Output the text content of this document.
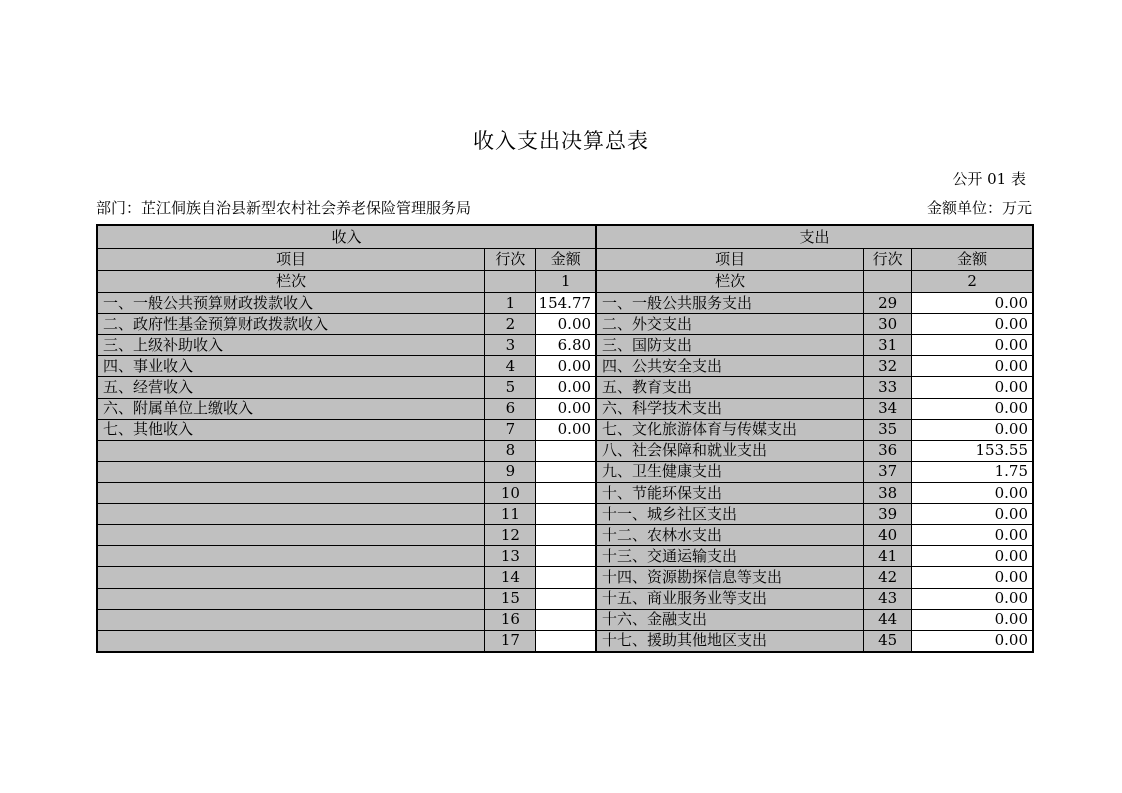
收入支出决算总表
公开 01 表
部门：芷江侗族自治县新型农村社会养老保险管理服务局	金额单位：万元
收入			支出		
项目	行次	金额	项目	行次	金额
栏次		1	栏次		2
一、一般公共预算财政拨款收入	1	154.77	一、一般公共服务支出	29	0.00
二、政府性基金预算财政拨款收入	2	0.00	二、外交支出	30	0.00
三、上级补助收入	3	6.80	三、国防支出	31	0.00
四、事业收入	4	0.00	四、公共安全支出	32	0.00
五、经营收入	5	0.00	五、教育支出	33	0.00
六、附属单位上缴收入	6	0.00	六、科学技术支出	34	0.00
七、其他收入	7	0.00	七、文化旅游体育与传媒支出	35	0.00
	8		八、社会保障和就业支出	36	153.55
	9		九、卫生健康支出	37	1.75
	10		十、节能环保支出	38	0.00
	11		十一、城乡社区支出	39	0.00
	12		十二、农林水支出	40	0.00
	13		十三、交通运输支出	41	0.00
	14		十四、资源勘探信息等支出	42	0.00
	15		十五、商业服务业等支出	43	0.00
	16		十六、金融支出	44	0.00
	17		十七、援助其他地区支出	45	0.00
